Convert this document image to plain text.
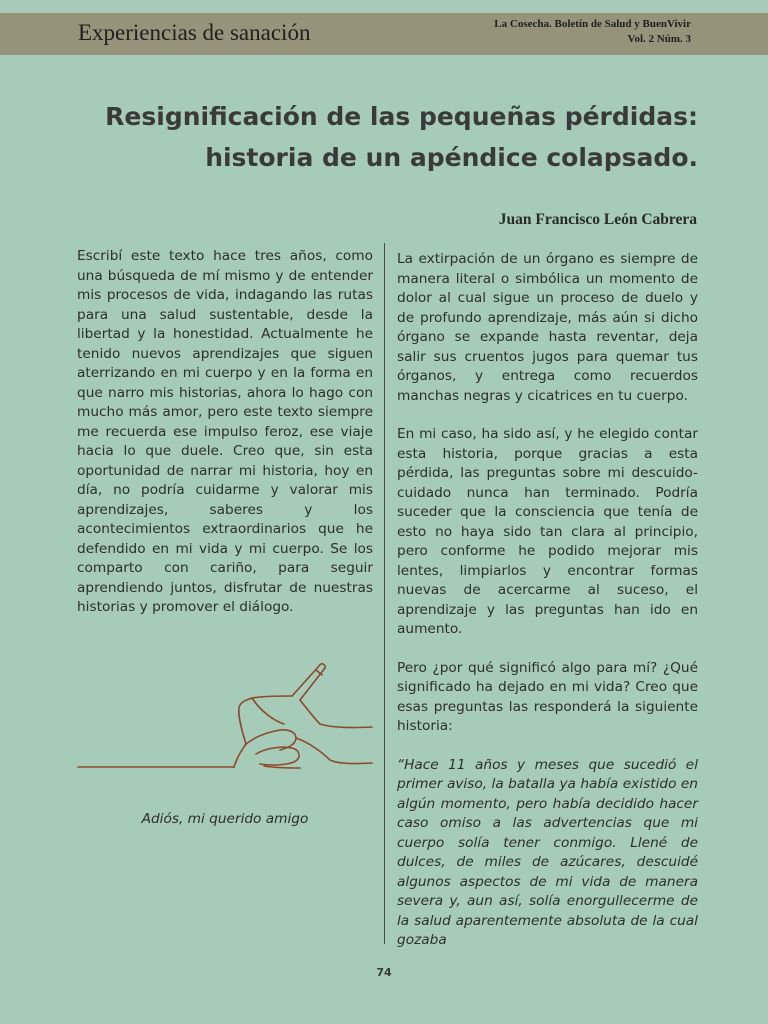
Experiencias de sanación	La Cosecha. Boletín de Salud y BuenVivir
Vol. 2 Núm. 3
Resignificación de las pequeñas pérdidas:
historia de un apéndice colapsado.
Juan Francisco León Cabrera

Escribí este texto hace tres años, como una búsqueda de mí mismo y de entender mis procesos de vida, indagando las rutas para una salud sustentable, desde la libertad y la honestidad. Actualmente he tenido nuevos aprendizajes que siguen aterrizando en mi cuerpo y en la forma en que narro mis historias, ahora lo hago con mucho más amor, pero este texto siempre me recuerda ese impulso feroz, ese viaje hacia lo que duele. Creo que, sin esta oportunidad de narrar mi historia, hoy en día, no podría cuidarme y valorar mis aprendizajes, saberes y los acontecimientos extraordinarios que he defendido en mi vida y mi cuerpo. Se los comparto con cariño, para seguir aprendiendo juntos, disfrutar de nuestras historias y promover el diálogo.

Adiós, mi querido amigo

La extirpación de un órgano es siempre de manera literal o simbólica un momento de dolor al cual sigue un proceso de duelo y de profundo aprendizaje, más aún si dicho órgano se expande hasta reventar, deja salir sus cruentos jugos para quemar tus órganos, y entrega como recuerdos manchas negras y cicatrices en tu cuerpo.

En mi caso, ha sido así, y he elegido contar esta historia, porque gracias a esta pérdida, las preguntas sobre mi descuido-cuidado nunca han terminado. Podría suceder que la consciencia que tenía de esto no haya sido tan clara al principio, pero conforme he podido mejorar mis lentes, limpiarlos y encontrar formas nuevas de acercarme al suceso, el aprendizaje y las preguntas han ido en aumento.

Pero ¿por qué significó algo para mí? ¿Qué significado ha dejado en mi vida? Creo que esas preguntas las responderá la siguiente historia:

“Hace 11 años y meses que sucedió el primer aviso, la batalla ya había existido en algún momento, pero había decidido hacer caso omiso a las advertencias que mi cuerpo solía tener conmigo. Llené de dulces, de miles de azúcares, descuidé algunos aspectos de mi vida de manera severa y, aun así, solía enorgullecerme de la salud aparentemente absoluta de la cual gozaba

74
